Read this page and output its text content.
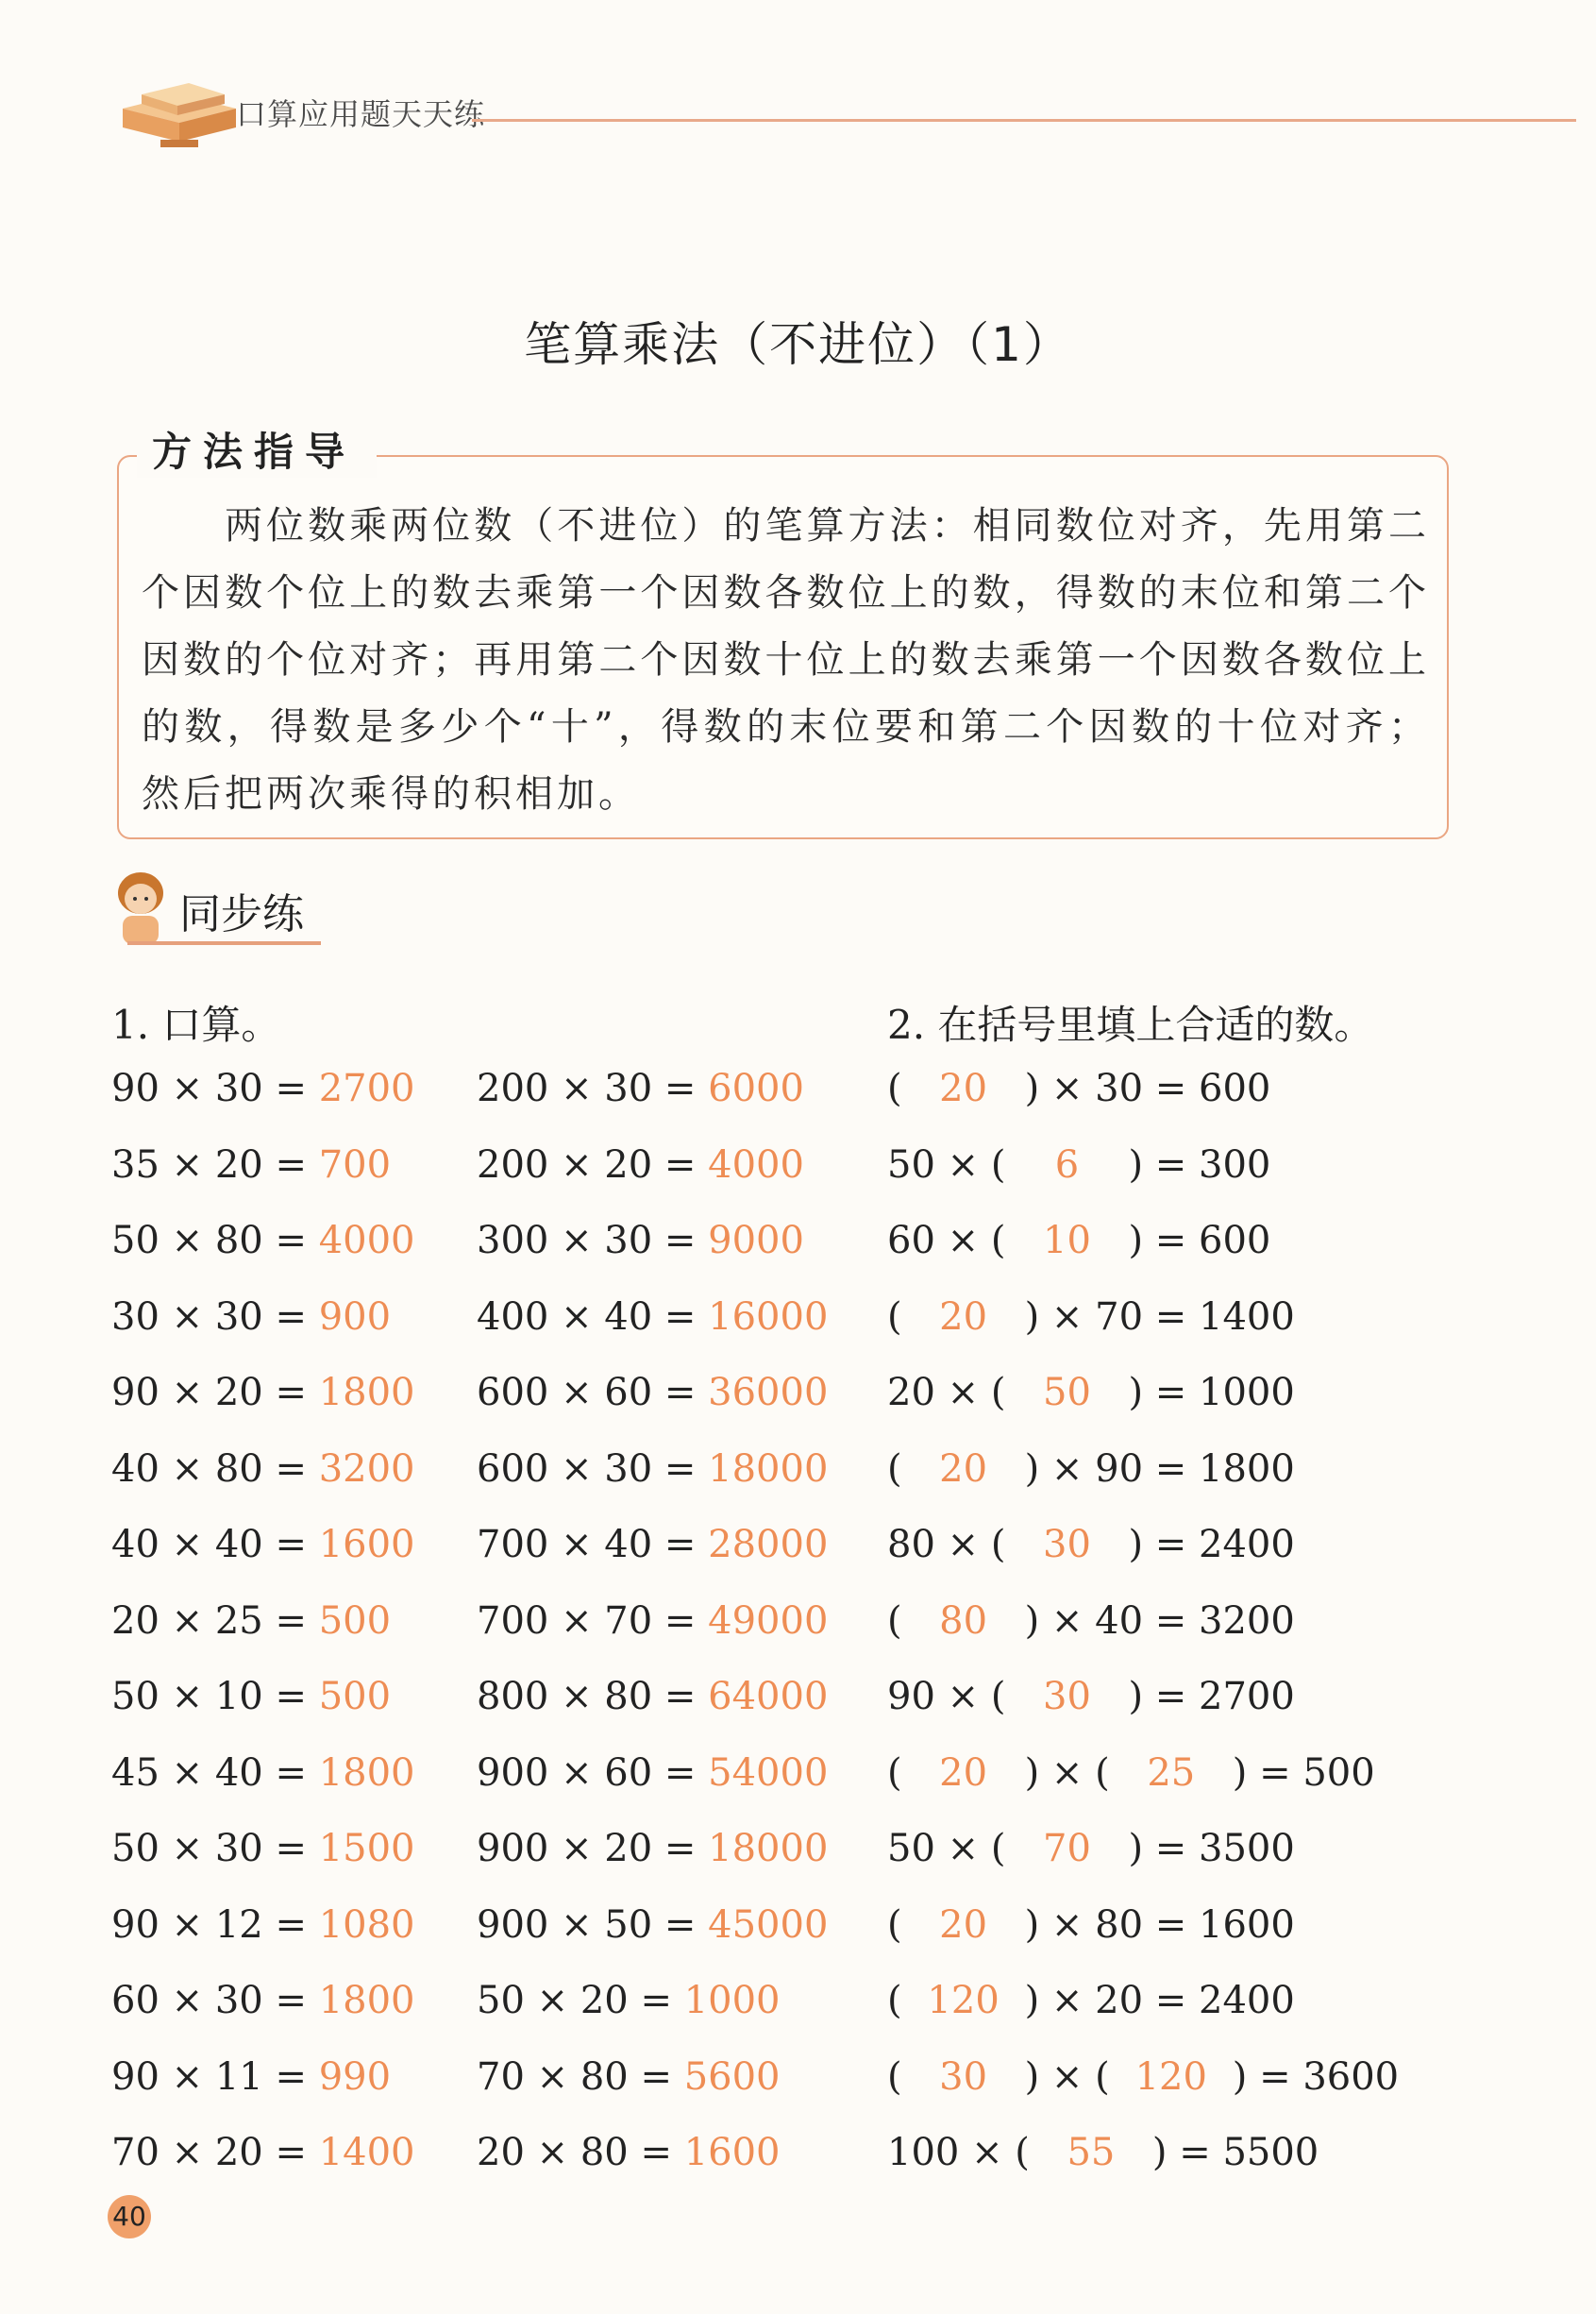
口算应用题天天练
笔算乘法（不进位）（1）
方法指导
两位数乘两位数（不进位）的笔算方法：相同数位对齐，先用第二个因数个位上的数去乘第一个因数各数位上的数，得数的末位和第二个因数的个位对齐；再用第二个因数十位上的数去乘第一个因数各数位上的数，得数是多少个“十”，得数的末位要和第二个因数的十位对齐；然后把两次乘得的积相加。
同步练
1. 口算。
90 × 30 = 2700
35 × 20 = 700
50 × 80 = 4000
30 × 30 = 900
90 × 20 = 1800
40 × 80 = 3200
40 × 40 = 1600
20 × 25 = 500
50 × 10 = 500
45 × 40 = 1800
50 × 30 = 1500
90 × 12 = 1080
60 × 30 = 1800
90 × 11 = 990
70 × 20 = 1400
200 × 30 = 6000
200 × 20 = 4000
300 × 30 = 9000
400 × 40 = 16000
600 × 60 = 36000
600 × 30 = 18000
700 × 40 = 28000
700 × 70 = 49000
800 × 80 = 64000
900 × 60 = 54000
900 × 20 = 18000
900 × 50 = 45000
50 × 20 = 1000
70 × 80 = 5600
20 × 80 = 1600
2. 在括号里填上合适的数。
( 20 ) × 30 = 600
50 × ( 6 ) = 300
60 × ( 10 ) = 600
( 20 ) × 70 = 1400
20 × ( 50 ) = 1000
( 20 ) × 90 = 1800
80 × ( 30 ) = 2400
( 80 ) × 40 = 3200
90 × ( 30 ) = 2700
( 20 ) × ( 25 ) = 500
50 × ( 70 ) = 3500
( 20 ) × 80 = 1600
( 120 ) × 20 = 2400
( 30 ) × ( 120 ) = 3600
100 × ( 55 ) = 5500
40
